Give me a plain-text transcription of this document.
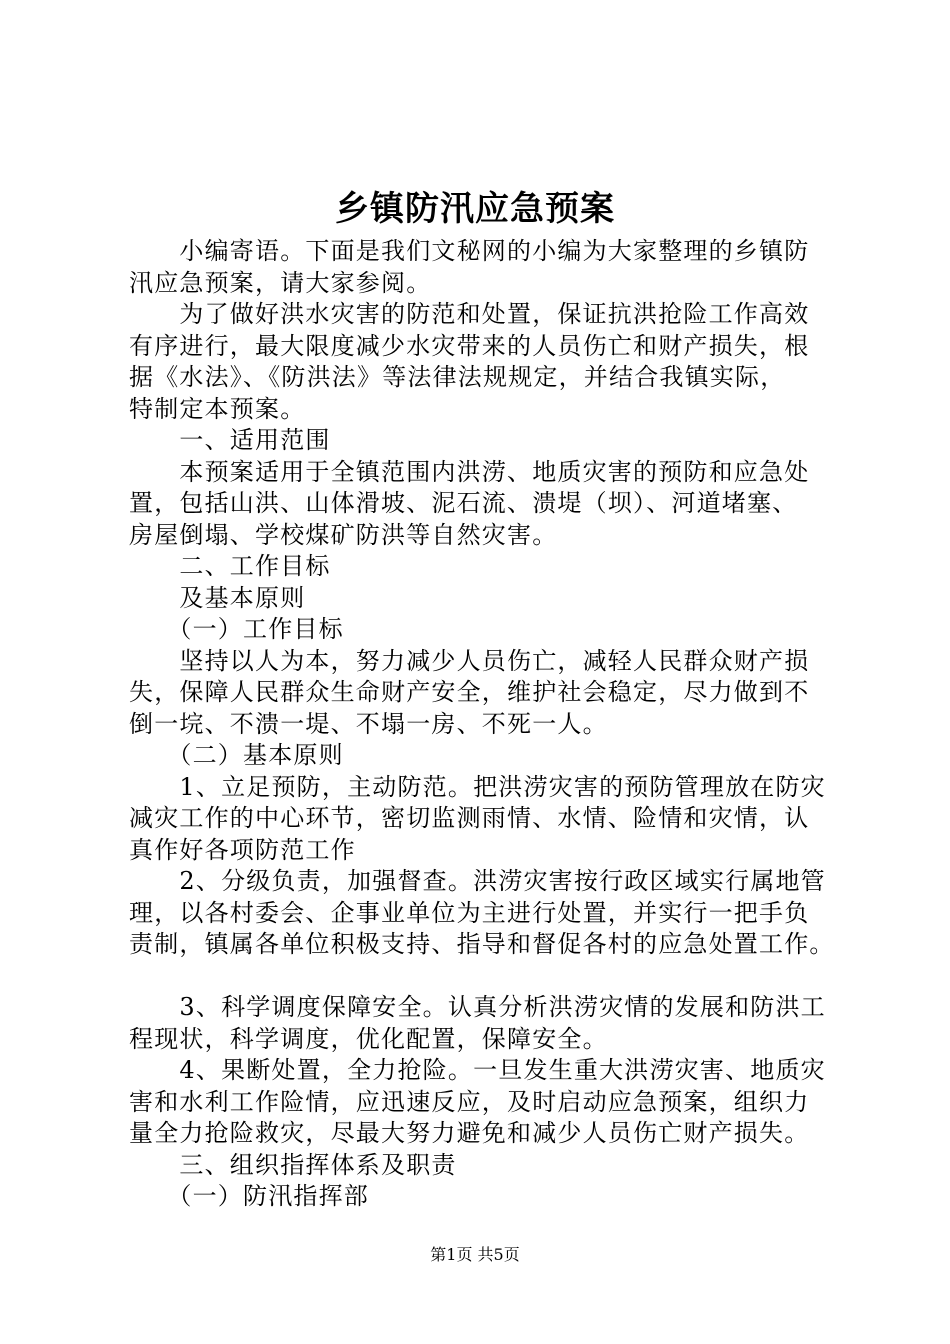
乡镇防汛应急预案

　　小编寄语。下面是我们文秘网的小编为大家整理的乡镇防

汛应急预案，请大家参阅。

　　为了做好洪水灾害的防范和处置，保证抗洪抢险工作高效

有序进行，最大限度减少水灾带来的人员伤亡和财产损失，根

据《水法》、《防洪法》等法律法规规定，并结合我镇实际，

特制定本预案。

　　一、适用范围

　　本预案适用于全镇范围内洪涝、地质灾害的预防和应急处

置，包括山洪、山体滑坡、泥石流、溃堤（坝）、河道堵塞、

房屋倒塌、学校煤矿防洪等自然灾害。

　　二、工作目标

　　及基本原则

　　（一）工作目标

　　坚持以人为本，努力减少人员伤亡，减轻人民群众财产损

失，保障人民群众生命财产安全，维护社会稳定，尽力做到不

倒一垸、不溃一堤、不塌一房、不死一人。

　　（二）基本原则

　　1、立足预防，主动防范。把洪涝灾害的预防管理放在防灾

减灾工作的中心环节，密切监测雨情、水情、险情和灾情，认

真作好各项防范工作

　　2、分级负责，加强督查。洪涝灾害按行政区域实行属地管

理，以各村委会、企事业单位为主进行处置，并实行一把手负

责制，镇属各单位积极支持、指导和督促各村的应急处置工作。

　　3、科学调度保障安全。认真分析洪涝灾情的发展和防洪工

程现状，科学调度，优化配置，保障安全。

　　4、果断处置，全力抢险。一旦发生重大洪涝灾害、地质灾

害和水利工作险情，应迅速反应，及时启动应急预案，组织力

量全力抢险救灾，尽最大努力避免和减少人员伤亡财产损失。

　　三、组织指挥体系及职责

　　（一）防汛指挥部

第1页 共5页
